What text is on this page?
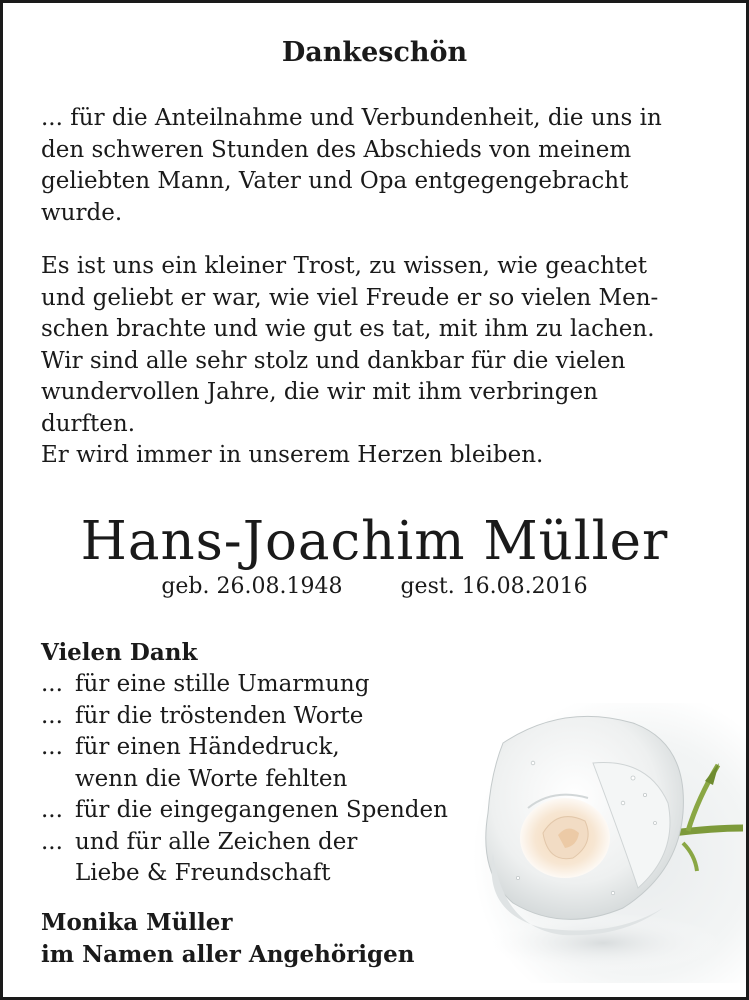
Dankeschön
... für die Anteilnahme und Verbundenheit, die uns in
den schweren Stunden des Abschieds von meinem
geliebten Mann, Vater und Opa entgegengebracht
wurde.
Es ist uns ein kleiner Trost, zu wissen, wie geachtet
und geliebt er war, wie viel Freude er so vielen Men-
schen brachte und wie gut es tat, mit ihm zu lachen.
Wir sind alle sehr stolz und dankbar für die vielen
wundervollen Jahre, die wir mit ihm verbringen
durften.
Er wird immer in unserem Herzen bleiben.
Hans-Joachim Müller
geb. 26.08.1948	gest. 16.08.2016
Vielen Dank
... für eine stille Umarmung
... für die tröstenden Worte
... für einen Händedruck,
wenn die Worte fehlten
... für die eingegangenen Spenden
... und für alle Zeichen der
Liebe & Freundschaft
Monika Müller
im Namen aller Angehörigen
